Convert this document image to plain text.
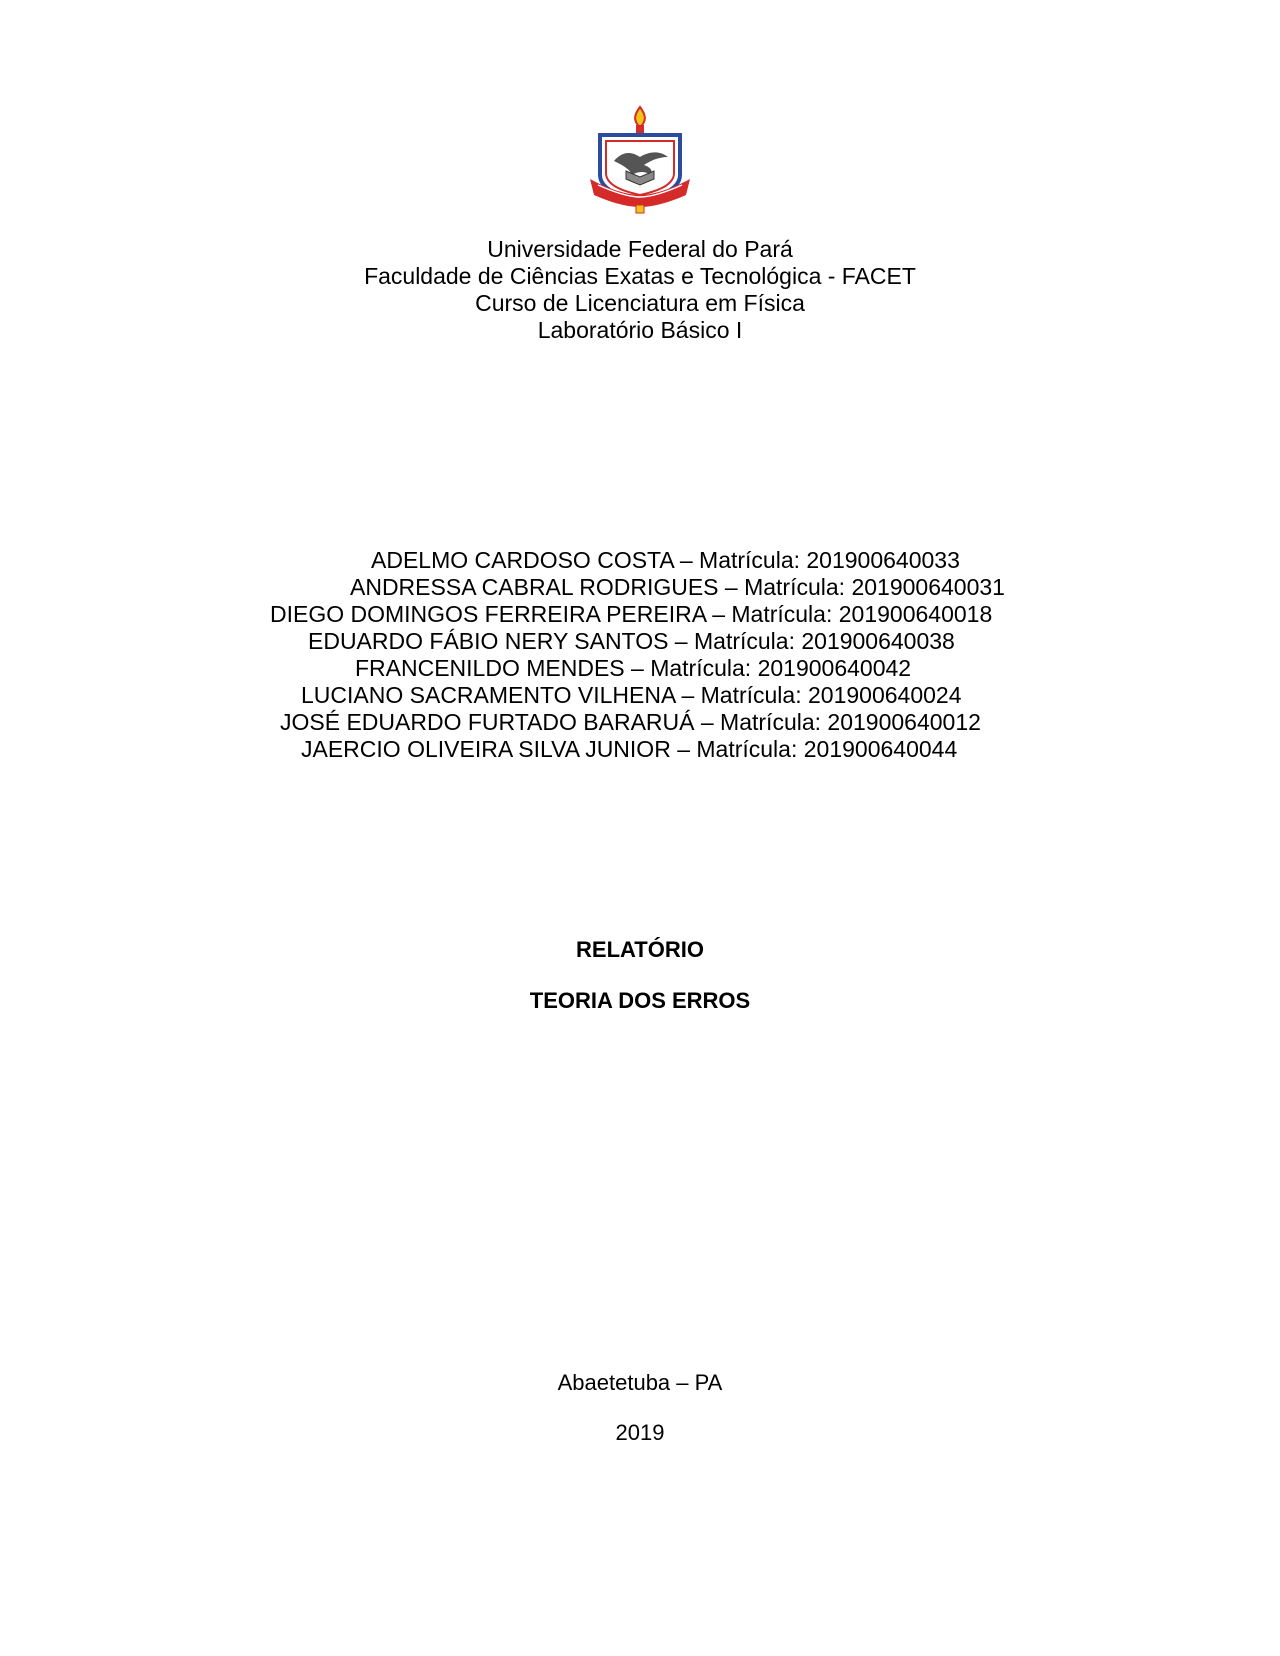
Universidade Federal do Pará
Faculdade de Ciências Exatas e Tecnológica - FACET
Curso de Licenciatura em Física
Laboratório Básico I
ADELMO CARDOSO COSTA – Matrícula: 201900640033
ANDRESSA CABRAL RODRIGUES – Matrícula: 201900640031
DIEGO DOMINGOS FERREIRA PEREIRA – Matrícula: 201900640018
EDUARDO FÁBIO NERY SANTOS – Matrícula: 201900640038
FRANCENILDO MENDES – Matrícula: 201900640042
LUCIANO SACRAMENTO VILHENA – Matrícula: 201900640024
JOSÉ EDUARDO FURTADO BARARUÁ – Matrícula: 201900640012
JAERCIO OLIVEIRA SILVA JUNIOR – Matrícula: 201900640044
RELATÓRIO
TEORIA DOS ERROS
Abaetetuba – PA
2019
